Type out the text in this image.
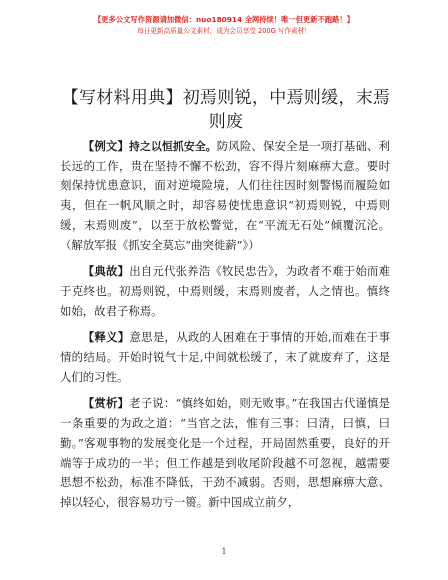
【更多公文写作资源请加微信：nuo180914 全网持续！唯一但更新不跑路！】
每日更新高质量公文素材，成为会员享受 200G 写作素材！
【写材料用典】初焉则锐，中焉则缓，末焉则废

【例文】持之以恒抓安全。防风险、保安全是一项打基础、利长远的工作，贵在坚持不懈不松劲，容不得片刻麻痹大意。要时刻保持忧患意识，面对逆境险境，人们往往因时刻警惕而履险如夷，但在一帆风顺之时，却容易使忧患意识“初焉则锐，中焉则缓，末焉则废”，以至于放松警觉，在“平流无石处”倾覆沉沦。（解放军报《抓安全莫忘“曲突徙薪”》）

【典故】出自元代张养浩《牧民忠告》，为政者不难于始而难于克终也。初焉则锐，中焉则缓，末焉则废者，人之情也。慎终如始，故君子称焉。

【释义】意思是，从政的人困难在于事情的开始,而难在于事情的结局。开始时锐气十足,中间就松缓了，末了就废弃了，这是人们的习性。

【赏析】老子说：“慎终如始，则无败事。”在我国古代谨慎是一条重要的为政之道：“当官之法，惟有三事：曰清，曰慎，曰勤。”客观事物的发展变化是一个过程，开局固然重要，良好的开端等于成功的一半；但工作越是到收尾阶段越不可忽视，越需要思想不松劲，标准不降低，干劲不减弱。否则，思想麻痹大意、掉以轻心，很容易功亏一篑。新中国成立前夕，

1
